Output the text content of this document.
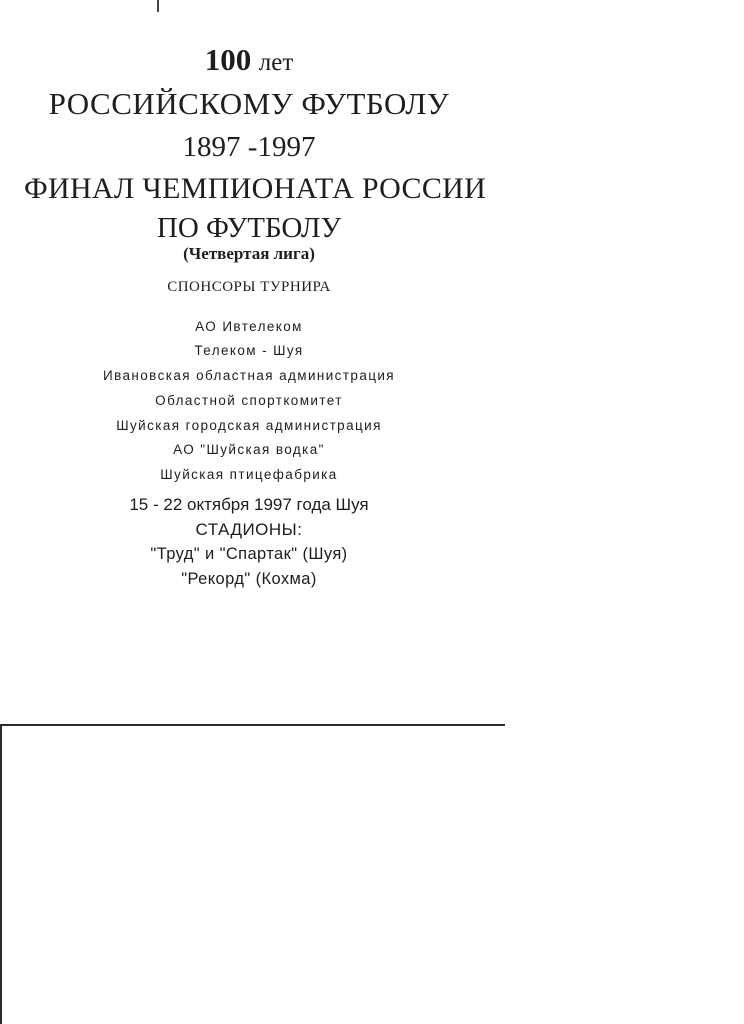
100 лет
РОССИЙСКОМУ ФУТБОЛУ
1897 -1997
ФИНАЛ ЧЕМПИОНАТА РОССИИ
ПО ФУТБОЛУ
(Четвертая лига)
СПОНСОРЫ ТУРНИРА
АО Ивтелеком
Телеком - Шуя
Ивановская областная администрация
Областной спорткомитет
Шуйская городская администрация
АО "Шуйская водка"
Шуйская птицефабрика
15 - 22 октября 1997 года Шуя
СТАДИОНЫ:
"Труд" и "Спартак" (Шуя)
"Рекорд" (Кохма)
